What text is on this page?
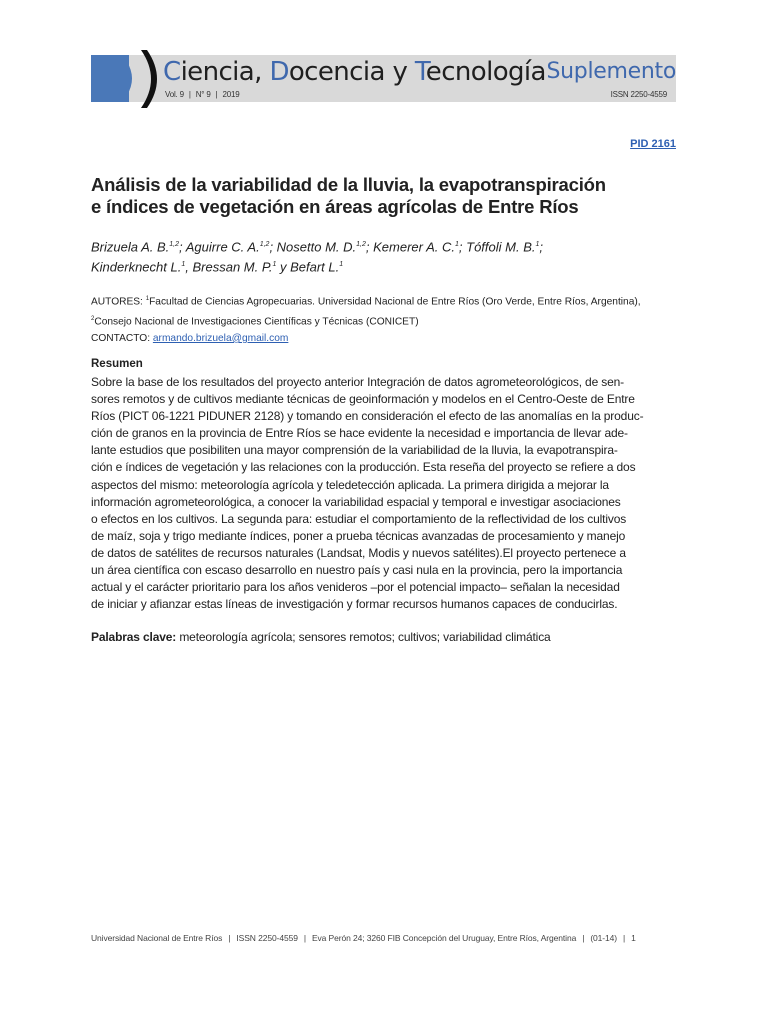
Ciencia, Docencia y Tecnología Suplemento
Vol. 9 | N° 9 | 2019	ISSN 2250-4559
PID 2161
Análisis de la variabilidad de la lluvia, la evapotranspiración
e índices de vegetación en áreas agrícolas de Entre Ríos
Brizuela A. B.$^{1,2}$; Aguirre C. A.$^{1,2}$; Nosetto M. D.$^{1,2}$; Kemerer A. C.$^1$; Tóffoli M. B.$^1$;
Kinderknecht L.$^1$, Bressan M. P.$^1$ y Befart L.$^1$
AUTORES: $^1$Facultad de Ciencias Agropecuarias. Universidad Nacional de Entre Ríos (Oro Verde, Entre Ríos, Argentina),
$^2$Consejo Nacional de Investigaciones Científicas y Técnicas (CONICET)
CONTACTO: armando.brizuela@gmail.com
Resumen
Sobre la base de los resultados del proyecto anterior Integración de datos agrometeorológicos, de sen-
sores remotos y de cultivos mediante técnicas de geoinformación y modelos en el Centro-Oeste de Entre
Ríos (PICT 06-1221 PIDUNER 2128) y tomando en consideración el efecto de las anomalías en la produc-
ción de granos en la provincia de Entre Ríos se hace evidente la necesidad e importancia de llevar ade-
lante estudios que posibiliten una mayor comprensión de la variabilidad de la lluvia, la evapotranspira-
ción e índices de vegetación y las relaciones con la producción. Esta reseña del proyecto se refiere a dos
aspectos del mismo: meteorología agrícola y teledetección aplicada. La primera dirigida a mejorar la
información agrometeorológica, a conocer la variabilidad espacial y temporal e investigar asociaciones
o efectos en los cultivos. La segunda para: estudiar el comportamiento de la reflectividad de los cultivos
de maíz, soja y trigo mediante índices, poner a prueba técnicas avanzadas de procesamiento y manejo
de datos de satélites de recursos naturales (Landsat, Modis y nuevos satélites).El proyecto pertenece a
un área científica con escaso desarrollo en nuestro país y casi nula en la provincia, pero la importancia
actual y el carácter prioritario para los años venideros –por el potencial impacto– señalan la necesidad
de iniciar y afianzar estas líneas de investigación y formar recursos humanos capaces de conducirlas.
Palabras clave: meteorología agrícola; sensores remotos; cultivos; variabilidad climática
Universidad Nacional de Entre Ríos | ISSN 2250-4559 | Eva Perón 24; 3260 FIB Concepción del Uruguay, Entre Ríos, Argentina | (01-14) | 1
